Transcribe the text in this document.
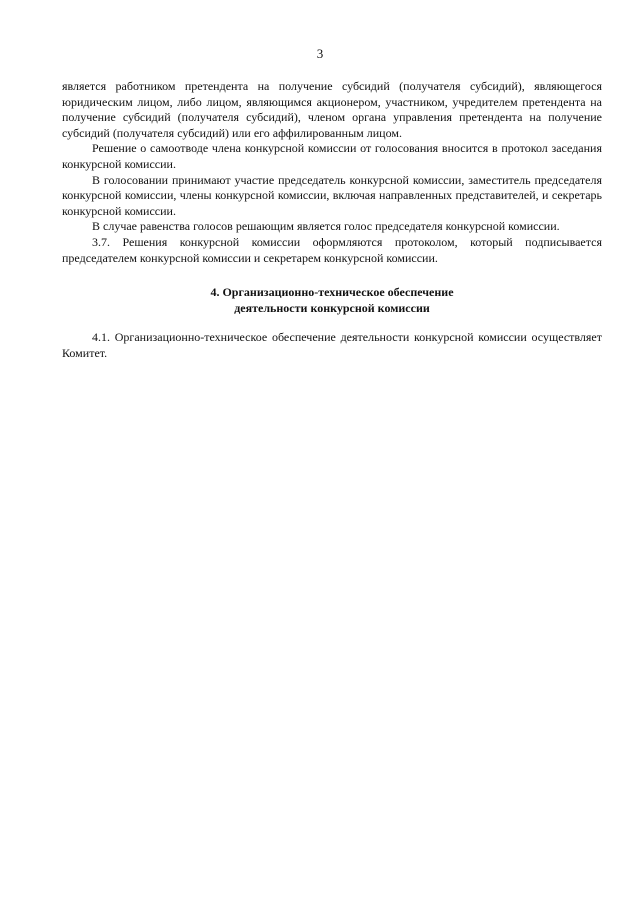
3

является работником претендента на получение субсидий (получателя субсидий), являющегося юридическим лицом, либо лицом, являющимся акционером, участником, учредителем претендента на получение субсидий (получателя субсидий), членом органа управления претендента на получение субсидий (получателя субсидий) или его аффилированным лицом.

Решение о самоотводе члена конкурсной комиссии от голосования вносится в протокол заседания конкурсной комиссии.

В голосовании принимают участие председатель конкурсной комиссии, заместитель председателя конкурсной комиссии, члены конкурсной комиссии, включая направленных представителей, и секретарь конкурсной комиссии.

В случае равенства голосов решающим является голос председателя конкурсной комиссии.

3.7. Решения конкурсной комиссии оформляются протоколом, который подписывается председателем конкурсной комиссии и секретарем конкурсной комиссии.

4. Организационно-техническое обеспечение
деятельности конкурсной комиссии

4.1. Организационно-техническое обеспечение деятельности конкурсной комиссии осуществляет Комитет.
